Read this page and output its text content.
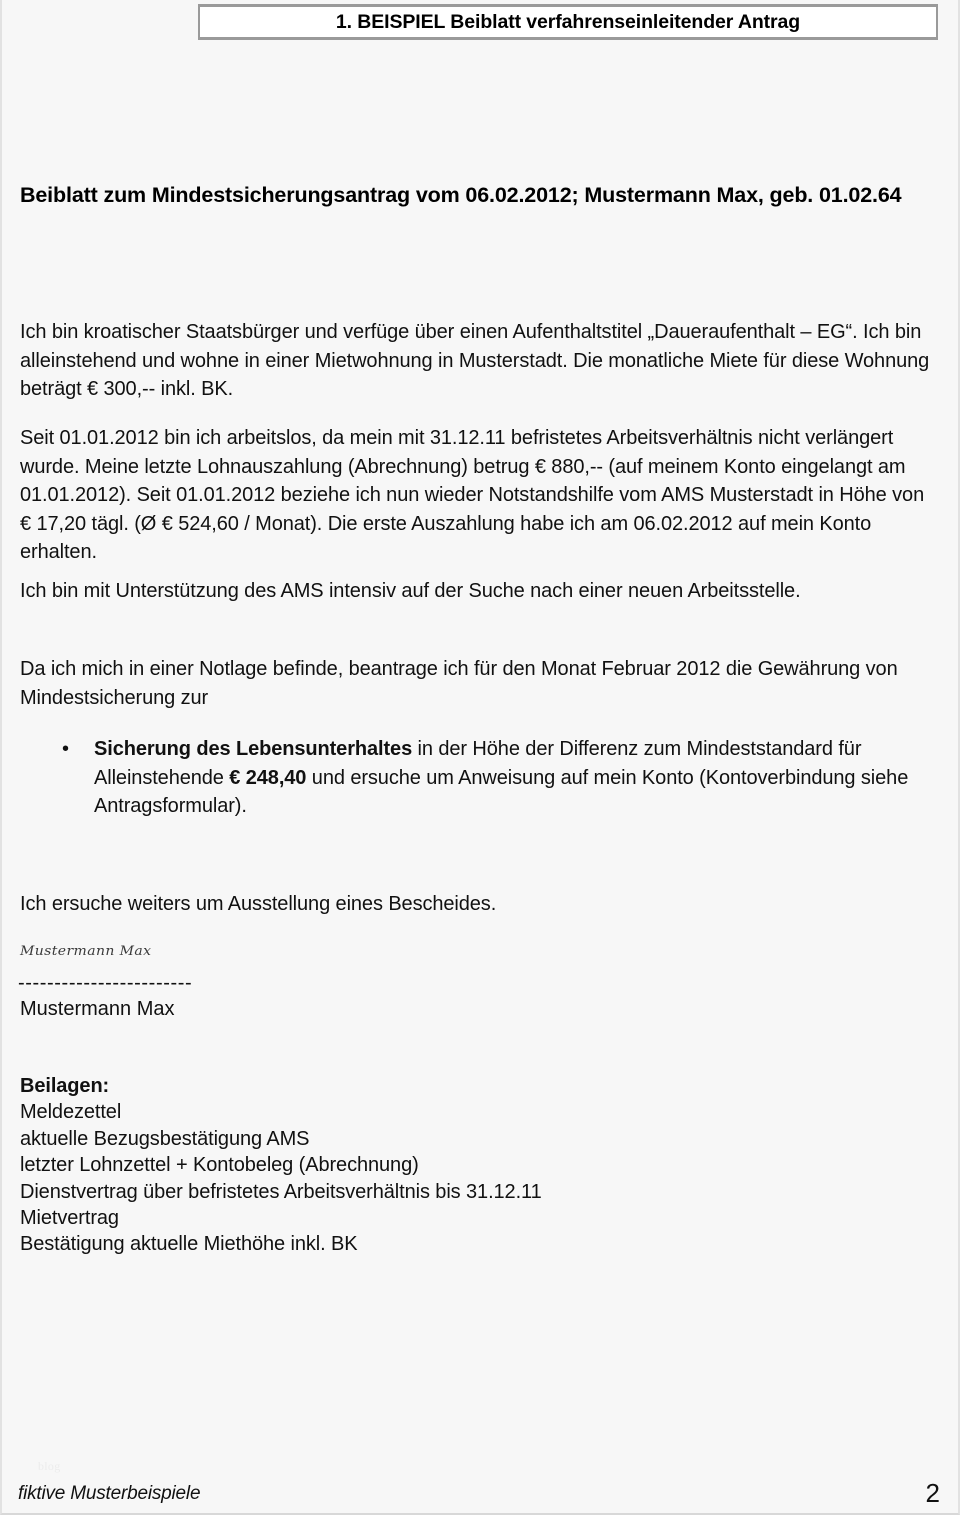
1. BEISPIEL Beiblatt verfahrenseinleitender Antrag
Beiblatt zum Mindestsicherungsantrag vom 06.02.2012; Mustermann Max, geb. 01.02.64
Ich bin kroatischer Staatsbürger und verfüge über einen Aufenthaltstitel „Daueraufenthalt – EG“. Ich bin alleinstehend und wohne in einer Mietwohnung in Musterstadt. Die monatliche Miete für diese Wohnung beträgt € 300,-- inkl. BK.
Seit 01.01.2012 bin ich arbeitslos, da mein mit 31.12.11 befristetes Arbeitsverhältnis nicht verlängert wurde. Meine letzte Lohnauszahlung (Abrechnung) betrug € 880,-- (auf meinem Konto eingelangt am 01.01.2012). Seit 01.01.2012 beziehe ich nun wieder Notstandshilfe vom AMS Musterstadt in Höhe von € 17,20 tägl. (Ø € 524,60 / Monat). Die erste Auszahlung habe ich am 06.02.2012 auf mein Konto erhalten.
Ich bin mit Unterstützung des AMS intensiv auf der Suche nach einer neuen Arbeitsstelle.
Da ich mich in einer Notlage befinde, beantrage ich für den Monat Februar 2012 die Gewährung von Mindestsicherung zur
•	Sicherung des Lebensunterhaltes in der Höhe der Differenz zum Mindeststandard für Alleinstehende € 248,40 und ersuche um Anweisung auf mein Konto (Kontoverbindung siehe Antragsformular).
Ich ersuche weiters um Ausstellung eines Bescheides.
Mustermann Max
------------------------
Mustermann Max
Beilagen:
Meldezettel
aktuelle Bezugsbestätigung AMS
letzter Lohnzettel + Kontobeleg (Abrechnung)
Dienstvertrag über befristetes Arbeitsverhältnis bis 31.12.11
Mietvertrag
Bestätigung aktuelle Miethöhe inkl. BK
blog
fiktive Musterbeispiele	2
